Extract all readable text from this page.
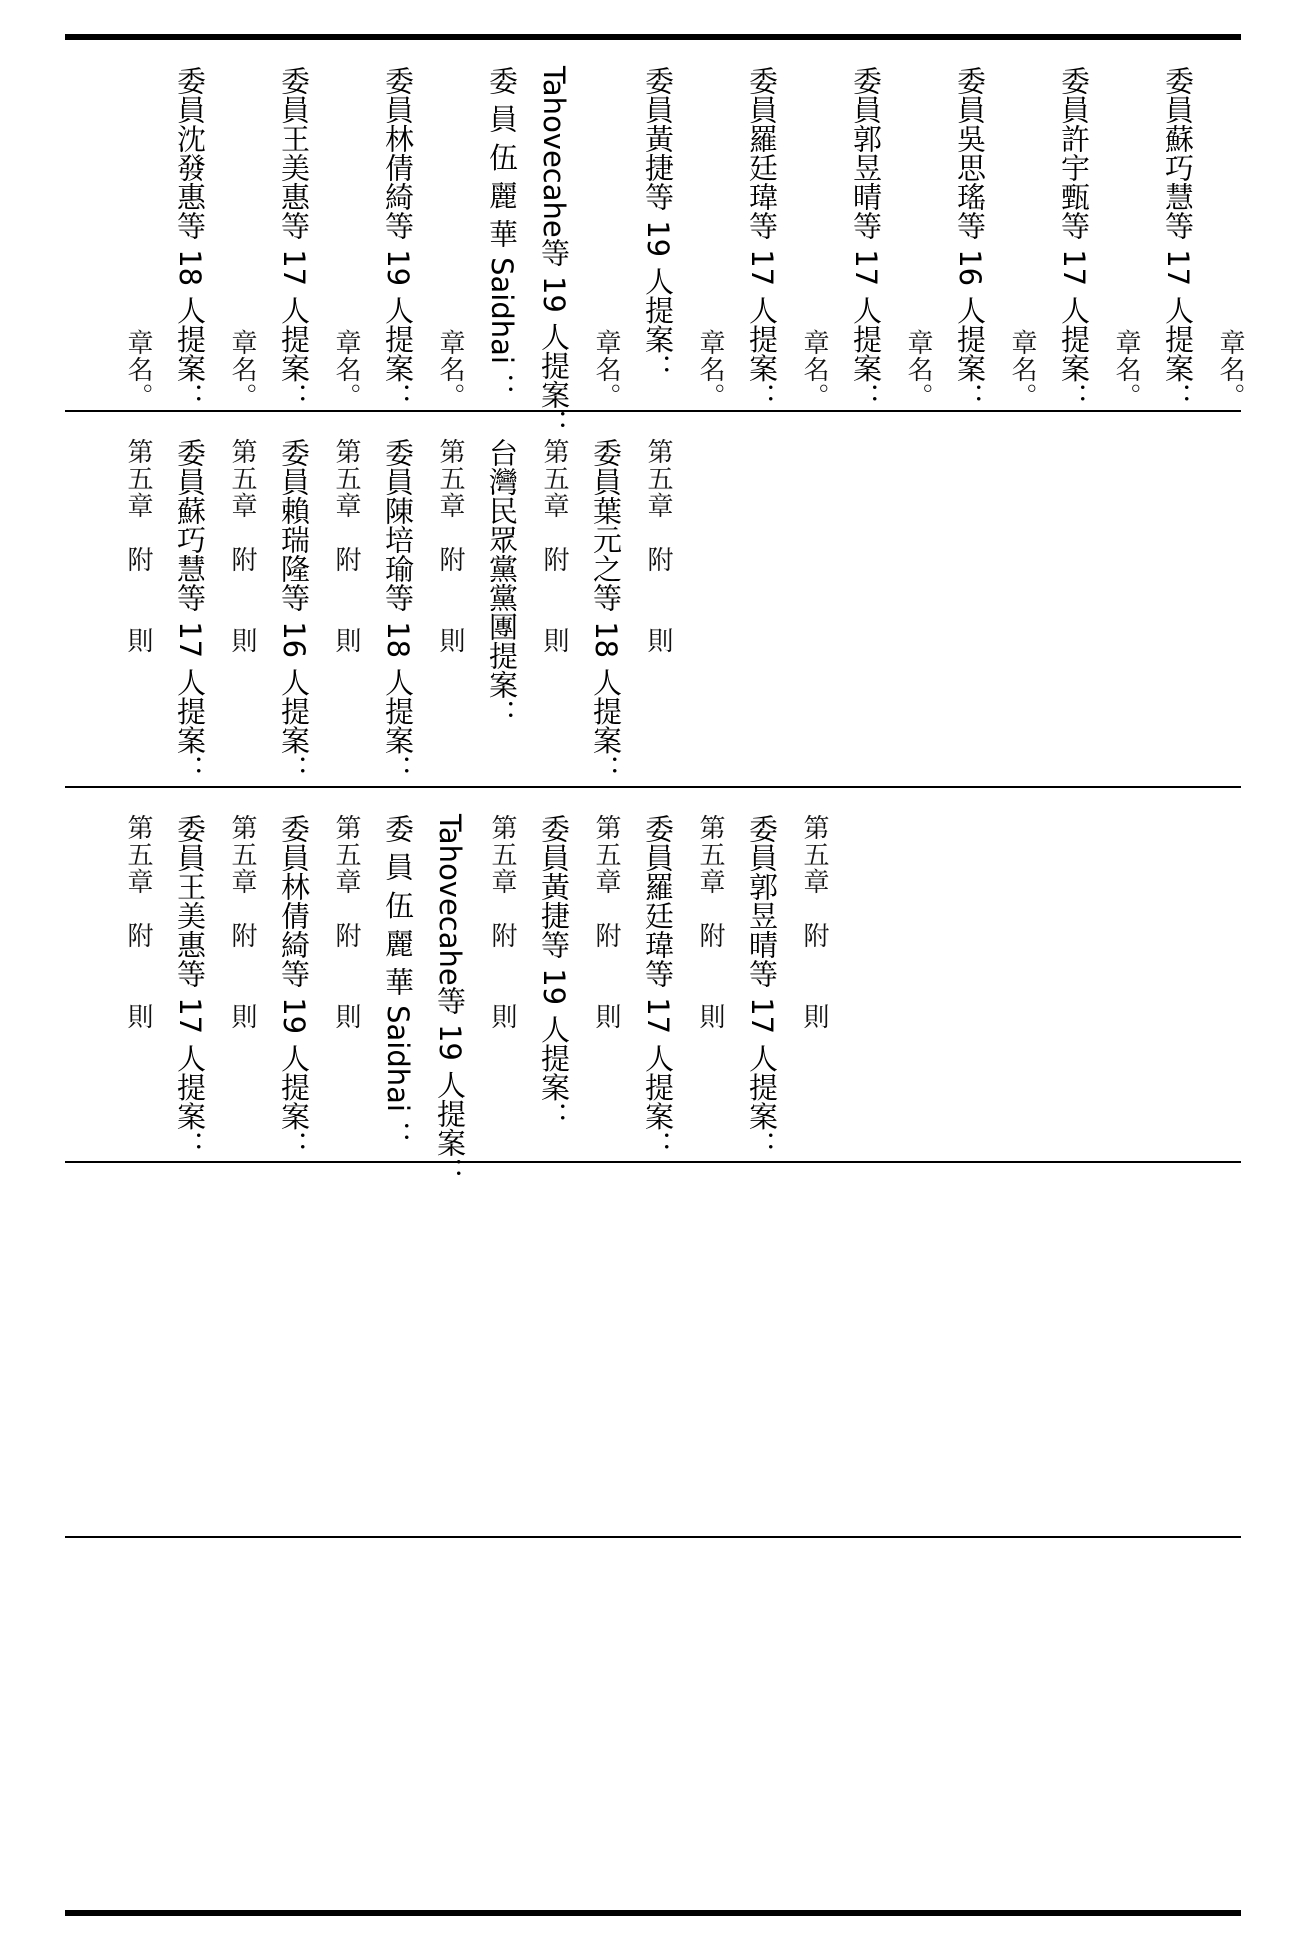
章名。 委員沈發惠等 18 人提案： 章名。 委員王美惠等 17 人提案： 章名。 委員林倩綺等 19 人提案： 章名。 委 員 伍 麗 華 Saidhai ： Tahovecahe等 19 人提案： 章名。 委員黃捷等 19 人提案： 章名。 委員羅廷瑋等 17 人提案： 章名。 委員郭昱晴等 17 人提案： 章名。 委員吳思瑤等 16 人提案： 章名。 委員許宇甄等 17 人提案： 章名。 委員蘇巧慧等 17 人提案： 章名。
第五章　附　　則 委員蘇巧慧等 17 人提案： 第五章　附　　則 委員賴瑞隆等 16 人提案： 第五章　附　　則 委員陳培瑜等 18 人提案： 第五章　附　　則 台灣民眾黨黨團提案： 第五章　附　　則 委員葉元之等 18 人提案： 第五章　附　　則
第五章　附　　則 委員王美惠等 17 人提案： 第五章　附　　則 委員林倩綺等 19 人提案： 第五章　附　　則 委 員 伍 麗 華 Saidhai ： Tahovecahe等 19 人提案： 第五章　附　　則 委員黃捷等 19 人提案： 第五章　附　　則 委員羅廷瑋等 17 人提案： 第五章　附　　則 委員郭昱晴等 17 人提案： 第五章　附　　則
